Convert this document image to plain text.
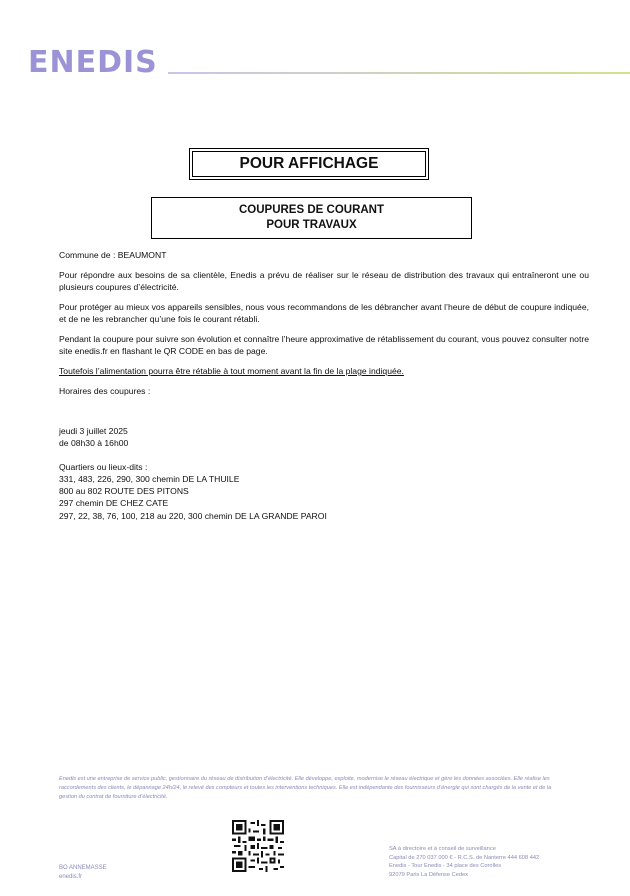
ENEDIS
POUR AFFICHAGE
COUPURES DE COURANT
POUR TRAVAUX

Commune de : BEAUMONT

Pour répondre aux besoins de sa clientèle, Enedis a prévu de réaliser sur le réseau de distribution des travaux qui entraîneront une ou plusieurs coupures d’électricité.

Pour protéger au mieux vos appareils sensibles, nous vous recommandons de les débrancher avant l’heure de début de coupure indiquée, et de ne les rebrancher qu’une fois le courant rétabli.

Pendant la coupure pour suivre son évolution et connaître l’heure approximative de rétablissement du courant, vous pouvez consulter notre site enedis.fr en flashant le QR CODE en bas de page.

Toutefois l’alimentation pourra être rétablie à tout moment avant la fin de la plage indiquée.

Horaires des coupures :

jeudi 3 juillet 2025
de 08h30 à 16h00
Quartiers ou lieux-dits :
331, 483, 226, 290, 300 chemin DE LA THUILE
800 au 802 ROUTE DES PITONS
297 chemin DE CHEZ CATE
297, 22, 38, 76, 100, 218 au 220, 300 chemin DE LA GRANDE PAROI
Enedis est une entreprise de service public, gestionnaire du réseau de distribution d’électricité. Elle développe, exploite, modernise le réseau électrique et gère les données associées. Elle réalise les raccordements des clients, le dépannage 24h/24, le relevé des compteurs et toutes les interventions techniques. Elle est indépendante des fournisseurs d’énergie qui sont chargés de la vente et de la gestion du contrat de fourniture d’électricité.
BO ANNEMASSE
enedis.fr
SA à directoire et à conseil de surveillance
Capital de 270 037 000 € - R.C.S. de Nanterre 444 608 442
Enedis - Tour Enedis - 34 place des Corolles
92079 Paris La Défense Cedex
